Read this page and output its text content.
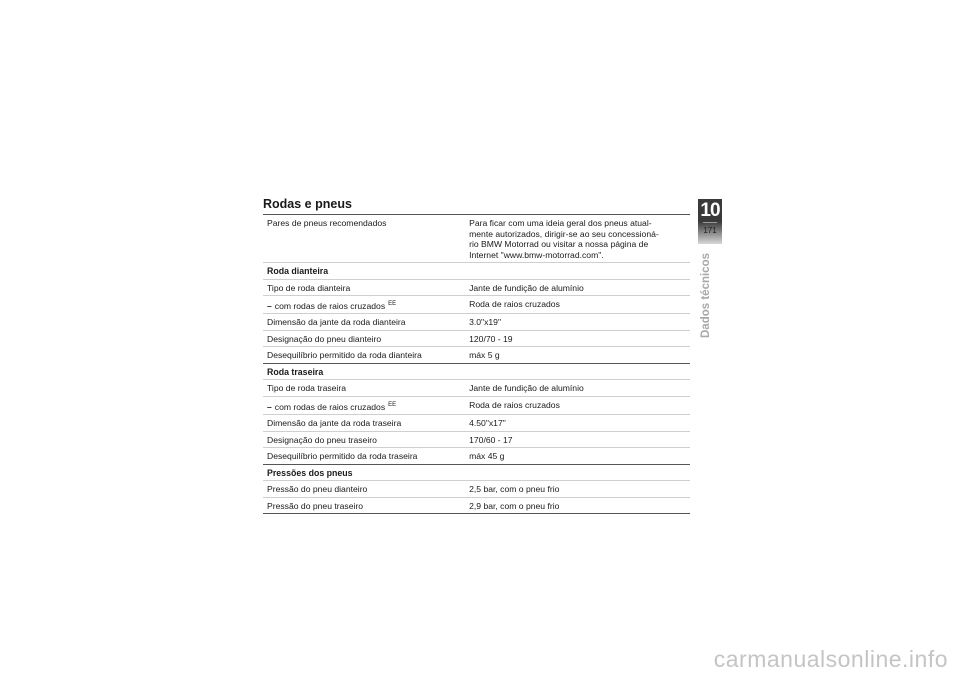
Rodas e pneus
Pares de pneus recomendados	Para ficar com uma ideia geral dos pneus atual-
mente autorizados, dirigir-se ao seu concessioná-
rio BMW Motorrad ou visitar a nossa página de
Internet "www.bmw-motorrad.com".
Roda dianteira
Tipo de roda dianteira	Jante de fundição de alumínio
– com rodas de raios cruzados $^{EE}$	Roda de raios cruzados
Dimensão da jante da roda dianteira	3.0"x19"
Designação do pneu dianteiro	120/70 - 19
Desequilíbrio permitido da roda dianteira	máx 5 g
Roda traseira
Tipo de roda traseira	Jante de fundição de alumínio
– com rodas de raios cruzados $^{EE}$	Roda de raios cruzados
Dimensão da jante da roda traseira	4.50"x17"
Designação do pneu traseiro	170/60 - 17
Desequilíbrio permitido da roda traseira	máx 45 g
Pressões dos pneus
Pressão do pneu dianteiro	2,5 bar, com o pneu frio
Pressão do pneu traseiro	2,9 bar, com o pneu frio
10
171
Dados técnicos
carmanualsonline.info
